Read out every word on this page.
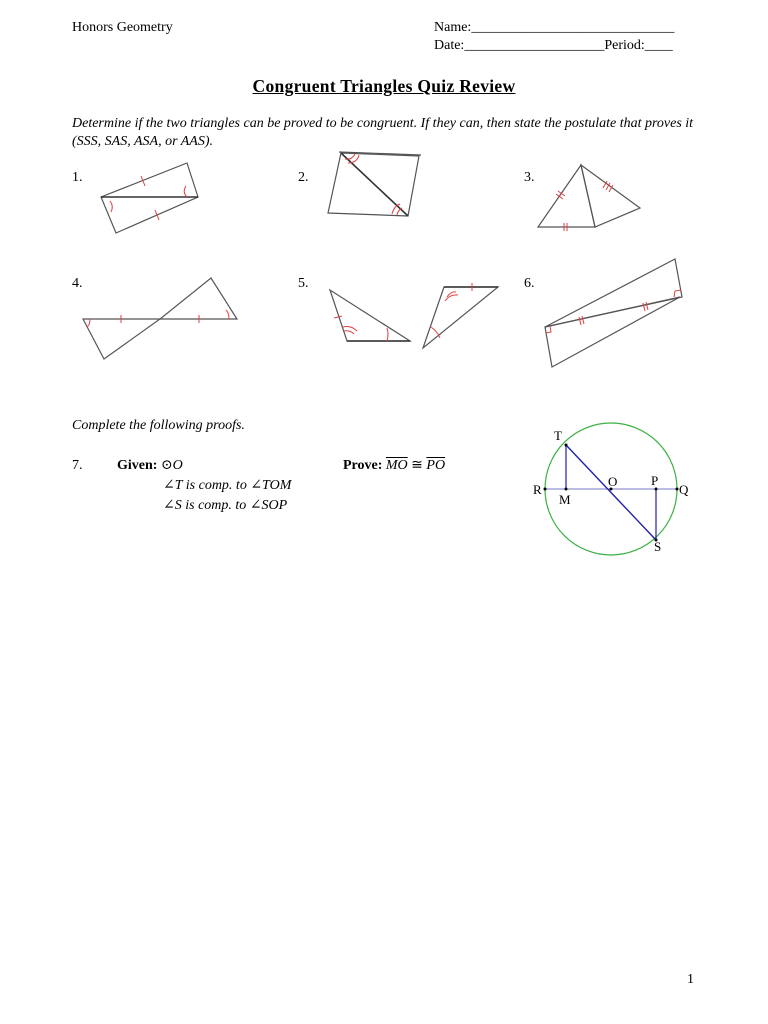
Honors Geometry	Name:_____________________________
Date:____________________Period:____
Congruent Triangles Quiz Review
Determine if the two triangles can be proved to be congruent. If they can, then state the postulate that proves it (SSS, SAS, ASA, or AAS).
1.	2.	3.
4.	5.	6.
Complete the following proofs.
7. Given: ⊙O
∠T is comp. to ∠TOM
∠S is comp. to ∠SOP
Prove: $\overline{MO}$ ≅ $\overline{PO}$
T
R
M
O	P
Q
S
1
